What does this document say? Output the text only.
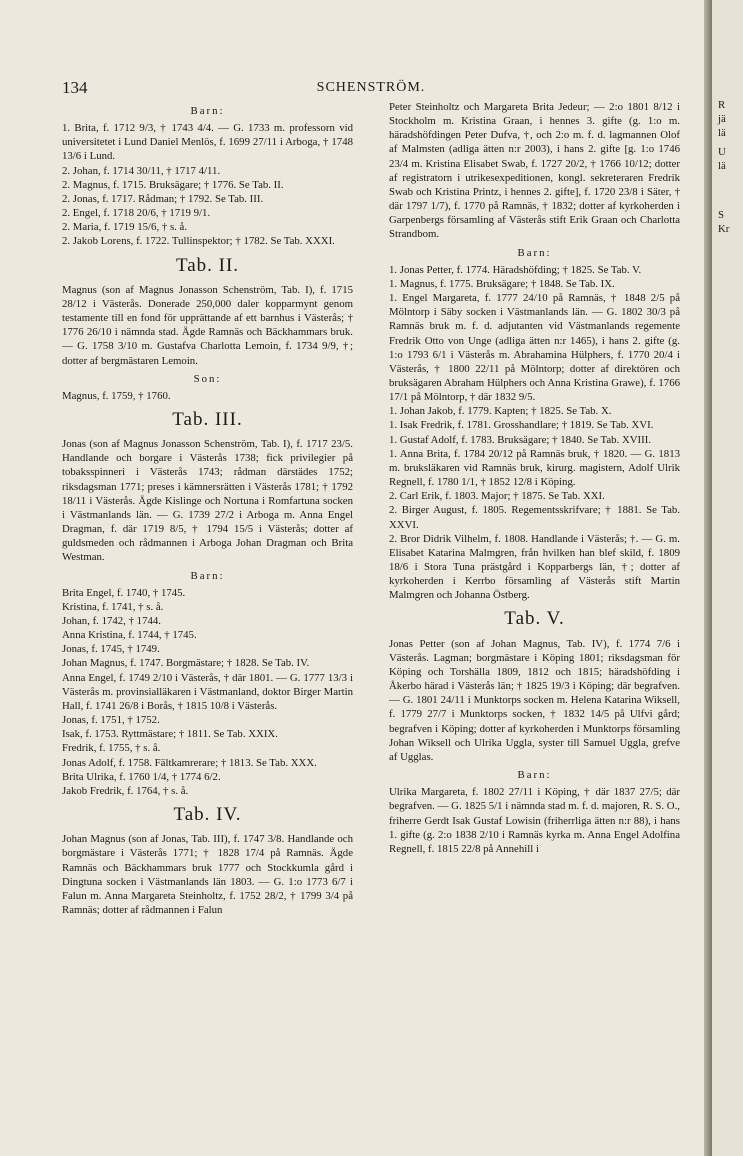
134	SCHENSTRÖM.

Barn:

1. Brita, f. 1712 9/3, † 1743 4/4. — G. 1733 m. professorn vid universitetet i Lund Daniel Menlös, f. 1699 27/11 i Arboga, † 1748 13/6 i Lund.

2. Johan, f. 1714 30/11, † 1717 4/11.

2. Magnus, f. 1715. Bruksägare; † 1776. Se Tab. II.

2. Jonas, f. 1717. Rådman; † 1792. Se Tab. III.

2. Engel, f. 1718 20/6, † 1719 9/1.

2. Maria, f. 1719 15/6, † s. å.

2. Jakob Lorens, f. 1722. Tullinspektor; † 1782. Se Tab. XXXI.

Tab. II.

Magnus (son af Magnus Jonasson Schenström, Tab. I), f. 1715 28/12 i Västerås. Donerade 250,000 daler kopparmynt genom testamente till en fond för upprättande af ett barnhus i Västerås; † 1776 26/10 i nämnda stad. Ägde Ramnäs och Bäckhammars bruk. — G. 1758 3/10 m. Gustafva Charlotta Lemoin, f. 1734 9/9, †; dotter af bergmästaren Lemoin.

Son:

Magnus, f. 1759, † 1760.

Tab. III.

Jonas (son af Magnus Jonasson Schenström, Tab. I), f. 1717 23/5. Handlande och borgare i Västerås 1738; fick privilegier på tobaksspinneri i Västerås 1743; rådman därstädes 1752; riksdagsman 1771; preses i kämnersrätten i Västerås 1781; † 1792 18/11 i Västerås. Ägde Kislinge och Nortuna i Romfartuna socken i Västmanlands län. — G. 1739 27/2 i Arboga m. Anna Engel Dragman, f. där 1719 8/5, † 1794 15/5 i Västerås; dotter af guldsmeden och rådmannen i Arboga Johan Dragman och Brita Westman.

Barn:

Brita Engel, f. 1740, † 1745.

Kristina, f. 1741, † s. å.

Johan, f. 1742, † 1744.

Anna Kristina, f. 1744, † 1745.

Jonas, f. 1745, † 1749.

Johan Magnus, f. 1747. Borgmästare; † 1828. Se Tab. IV.

Anna Engel, f. 1749 2/10 i Västerås, † där 1801. — G. 1777 13/3 i Västerås m. provinsialläkaren i Västmanland, doktor Birger Martin Hall, f. 1741 26/8 i Borås, † 1815 10/8 i Västerås.

Jonas, f. 1751, † 1752.

Isak, f. 1753. Ryttmästare; † 1811. Se Tab. XXIX.

Fredrik, f. 1755, † s. å.

Jonas Adolf, f. 1758. Fältkamrerare; † 1813. Se Tab. XXX.

Brita Ulrika, f. 1760 1/4, † 1774 6/2.

Jakob Fredrik, f. 1764, † s. å.

Tab. IV.

Johan Magnus (son af Jonas, Tab. III), f. 1747 3/8. Handlande och borgmästare i Västerås 1771; † 1828 17/4 på Ramnäs. Ägde Ramnäs och Bäckhammars bruk 1777 och Stockkumla gård i Dingtuna socken i Västmanlands län 1803. — G. 1:o 1773 6/7 i Falun m. Anna Margareta Steinholtz, f. 1752 28/2, † 1799 3/4 på Ramnäs; dotter af rådmannen i Falun

Peter Steinholtz och Margareta Brita Jedeur; — 2:o 1801 8/12 i Stockholm m. Kristina Graan, i hennes 3. gifte (g. 1:o m. häradshöfdingen Peter Dufva, †, och 2:o m. f. d. lagmannen Olof af Malmsten (adliga ätten n:r 2003), i hans 2. gifte [g. 1:o 1746 23/4 m. Kristina Elisabet Swab, f. 1727 20/2, † 1766 10/12; dotter af registratorn i utrikesexpeditionen, kongl. sekreteraren Fredrik Swab och Kristina Printz, i hennes 2. gifte], f. 1720 23/8 i Säter, † där 1797 1/7), f. 1770 på Ramnäs, † 1832; dotter af kyrkoherden i Garpenbergs församling af Västerås stift Erik Graan och Charlotta Strandbom.

Barn:

1. Jonas Petter, f. 1774. Häradshöfding; † 1825. Se Tab. V.

1. Magnus, f. 1775. Bruksägare; † 1848. Se Tab. IX.

1. Engel Margareta, f. 1777 24/10 på Ramnäs, † 1848 2/5 på Mölntorp i Säby socken i Västmanlands län. — G. 1802 30/3 på Ramnäs bruk m. f. d. adjutanten vid Västmanlands regemente Fredrik Otto von Unge (adliga ätten n:r 1465), i hans 2. gifte (g. 1:o 1793 6/1 i Västerås m. Abrahamina Hülphers, f. 1770 20/4 i Västerås, † 1800 22/11 på Mölntorp; dotter af direktören och bruksägaren Abraham Hülphers och Anna Kristina Grawe), f. 1766 17/1 på Mölntorp, † där 1832 9/5.

1. Johan Jakob, f. 1779. Kapten; † 1825. Se Tab. X.

1. Isak Fredrik, f. 1781. Grosshandlare; † 1819. Se Tab. XVI.

1. Gustaf Adolf, f. 1783. Bruksägare; † 1840. Se Tab. XVIII.

1. Anna Brita, f. 1784 20/12 på Ramnäs bruk, † 1820. — G. 1813 m. bruksläkaren vid Ramnäs bruk, kirurg. magistern, Adolf Ulrik Regnell, f. 1780 1/1, † 1852 12/8 i Köping.

2. Carl Erik, f. 1803. Major; † 1875. Se Tab. XXI.

2. Birger August, f. 1805. Regementsskrifvare; † 1881. Se Tab. XXVI.

2. Bror Didrik Vilhelm, f. 1808. Handlande i Västerås; †. — G. m. Elisabet Katarina Malmgren, från hvilken han blef skild, f. 1809 18/6 i Stora Tuna prästgård i Kopparbergs län, †; dotter af kyrkoherden i Kerrbo församling af Västerås stift Martin Malmgren och Johanna Östberg.

Tab. V.

Jonas Petter (son af Johan Magnus, Tab. IV), f. 1774 7/6 i Västerås. Lagman; borgmästare i Köping 1801; riksdagsman för Köping och Torshälla 1809, 1812 och 1815; häradshöfding i Åkerbo härad i Västerås län; † 1825 19/3 i Köping; där begrafven. — G. 1801 24/11 i Munktorps socken m. Helena Katarina Wiksell, f. 1779 27/7 i Munktorps socken, † 1832 14/5 på Ulfvi gård; begrafven i Köping; dotter af kyrkoherden i Munktorps församling Johan Wiksell och Ulrika Uggla, syster till Samuel Uggla, grefve af Ugglas.

Barn:

Ulrika Margareta, f. 1802 27/11 i Köping, † där 1837 27/5; där begrafven. — G. 1825 5/1 i nämnda stad m. f. d. majoren, R. S. O., friherre Gerdt Isak Gustaf Lowisin (friherrliga ätten n:r 88), i hans 1. gifte (g. 2:o 1838 2/10 i Ramnäs kyrka m. Anna Engel Adolfina Regnell, f. 1815 22/8 på Annehill i

R
jä
lä
U
lä
S
Kr
